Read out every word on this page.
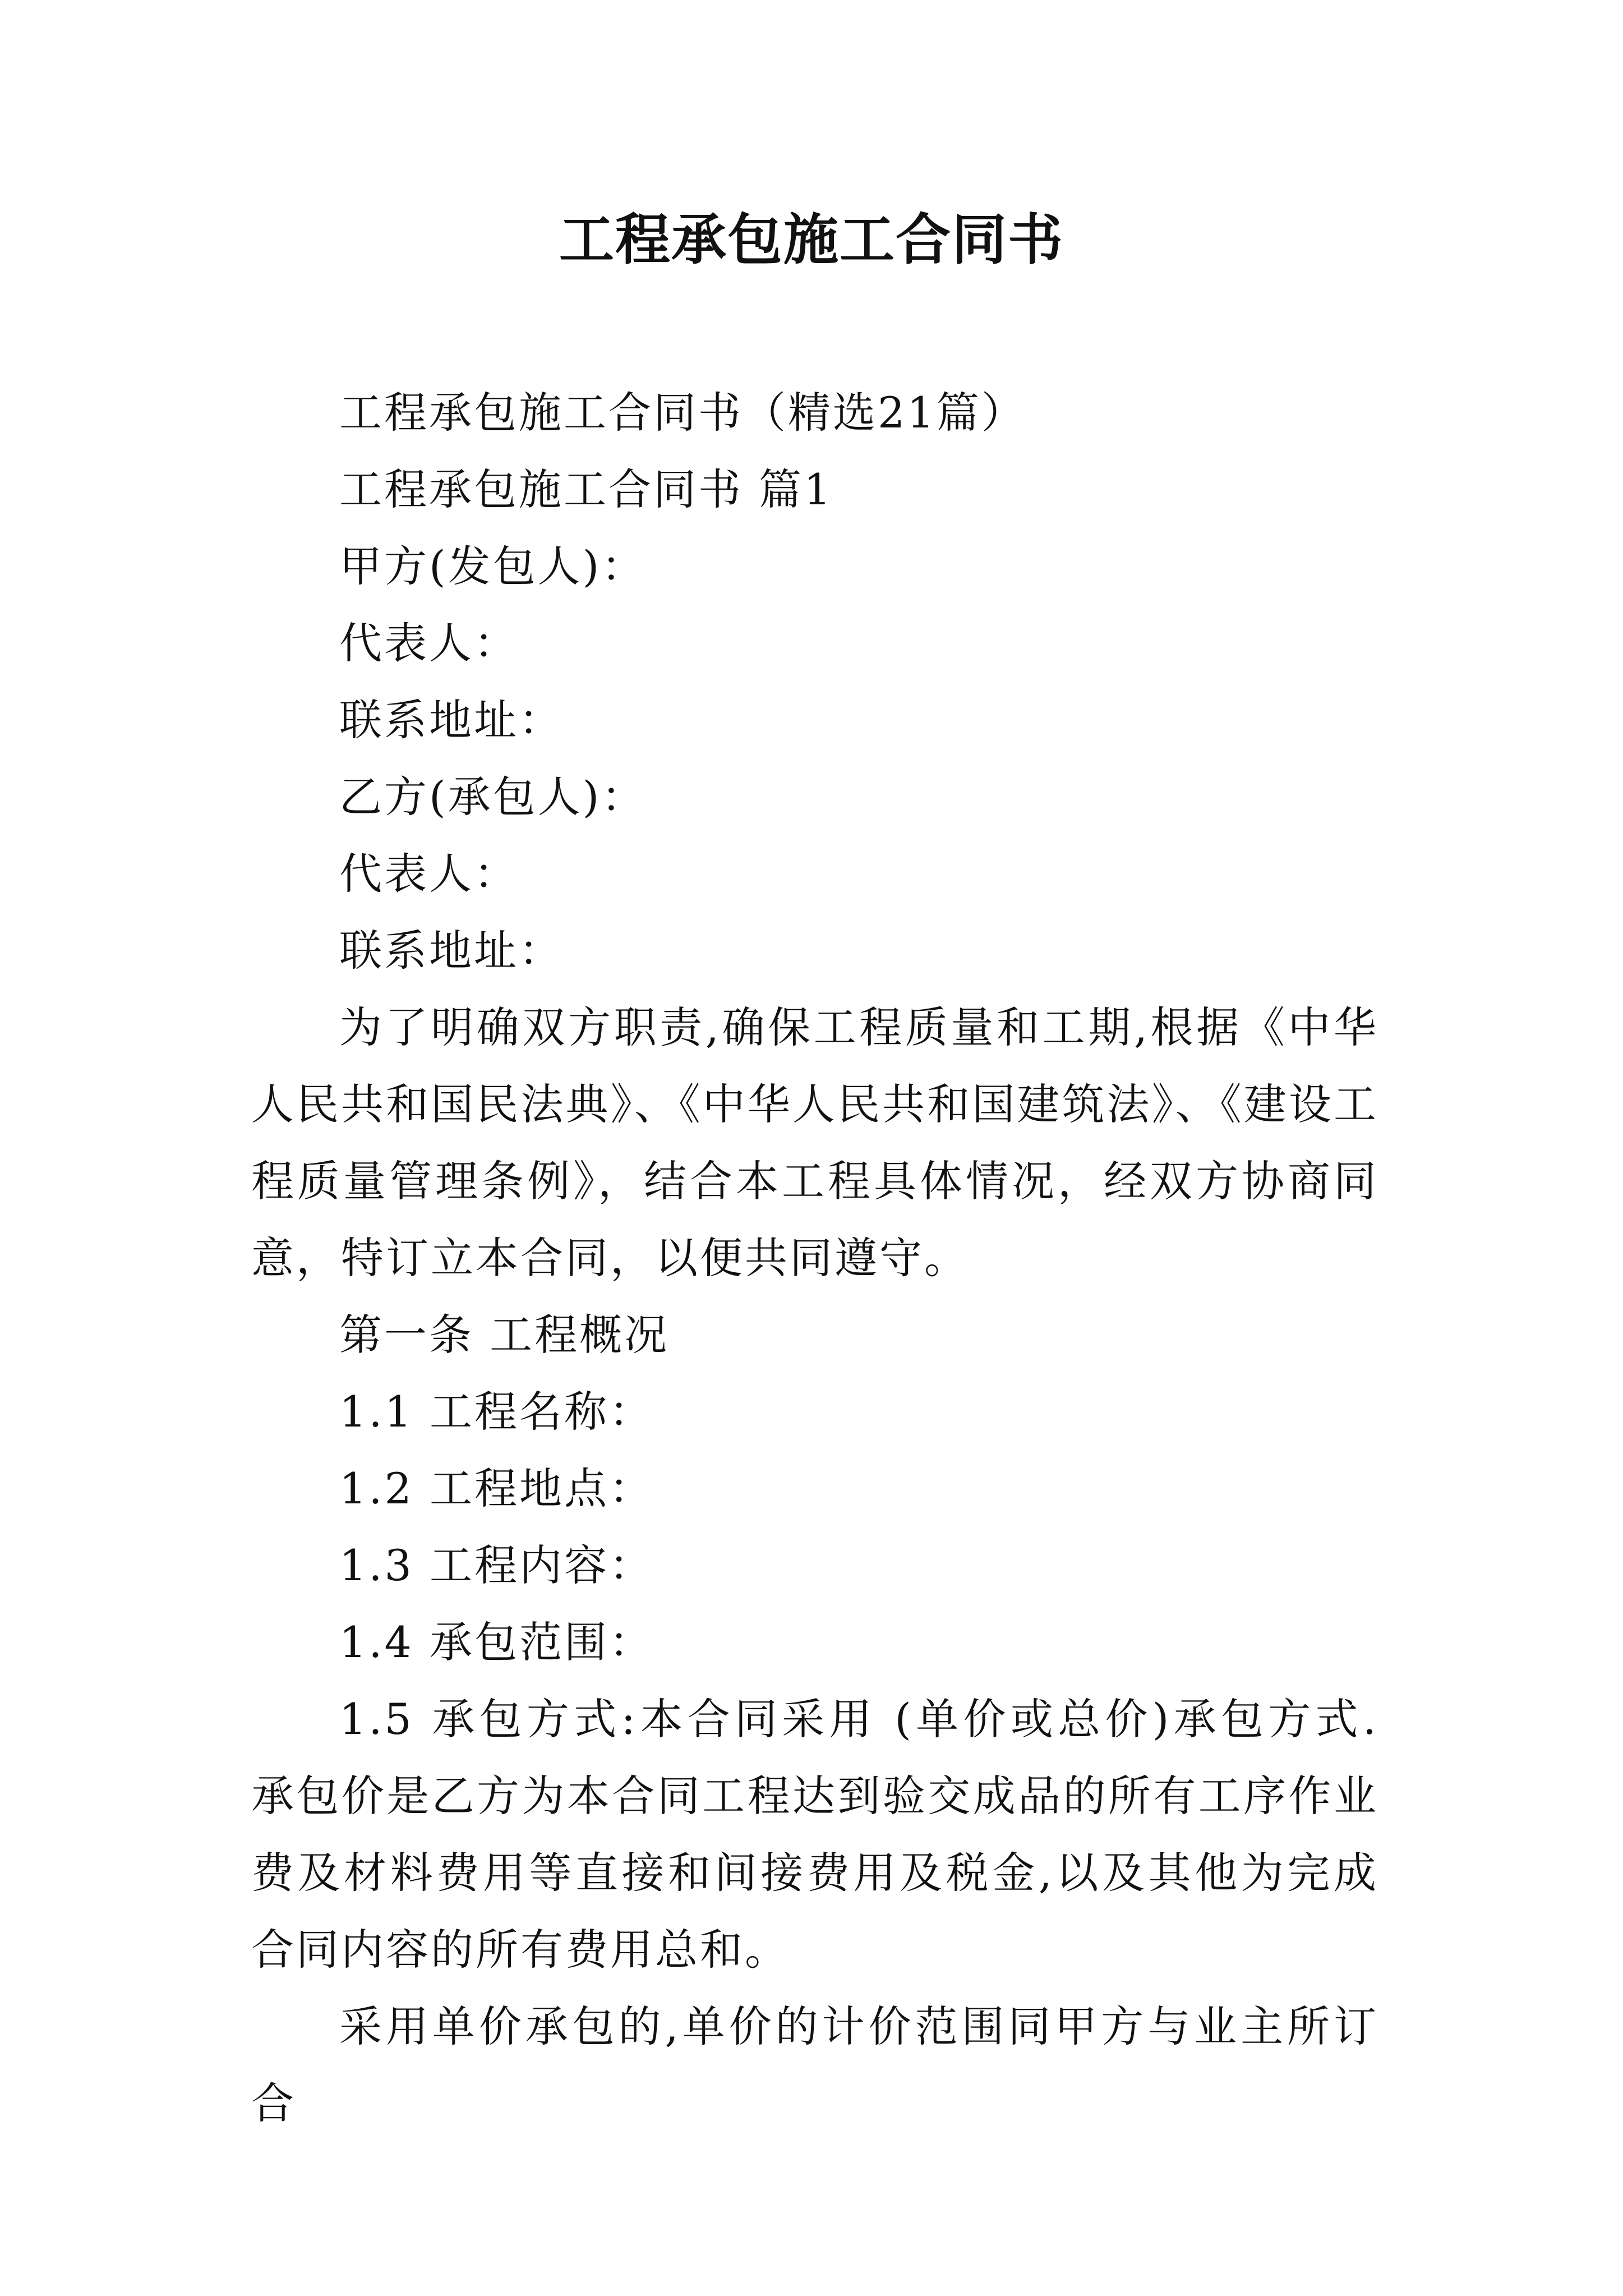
工程承包施工合同书
工程承包施工合同书（精选21篇）
工程承包施工合同书 篇1
甲方(发包人)：
代表人：
联系地址：
乙方(承包人)：
代表人：
联系地址：

为了明确双方职责,确保工程质量和工期,根据《中华人民共和国民法典》、《中华人民共和国建筑法》、《建设工程质量管理条例》，结合本工程具体情况，经双方协商同意，特订立本合同，以便共同遵守。

第一条 工程概况
1.1 工程名称：
1.2 工程地点：
1.3 工程内容：
1.4 承包范围：

1.5 承包方式:本合同采用 (单价或总价)承包方式. 承包价是乙方为本合同工程达到验交成品的所有工序作业费及材料费用等直接和间接费用及税金,以及其他为完成合同内容的所有费用总和。

采用单价承包的,单价的计价范围同甲方与业主所订合
